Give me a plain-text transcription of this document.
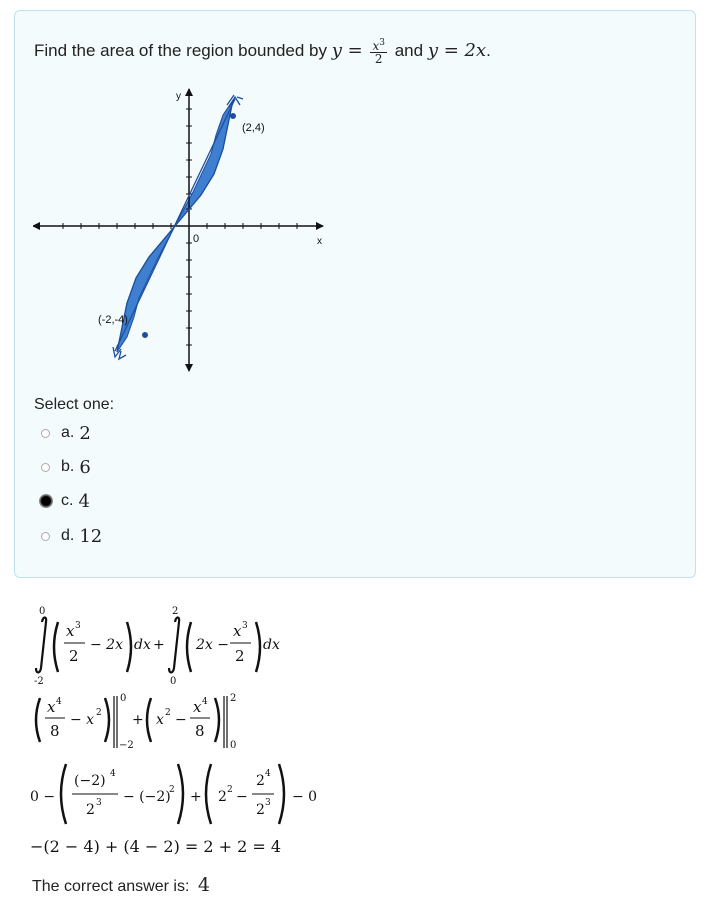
Find the area of the region bounded by $y = \frac{x^3}{2}$ and y = 2x.
y
x
0
(2,4)
(-2,-4)
Select one:
a. 2
b. 6
c. 4
d. 12
0
-2
x 3
2
− 2x dx +
2
0
2x −
x 3
2
dx
x 4
8
− x 2
0
−2
+ x 2 −
x 4
8
2
0
0 −
(−2) 4
2 3 − (−2)
2 + 2 2 −
2 4
2 3 − 0
−(2 − 4) + (4 − 2) = 2 + 2 = 4
The correct answer is: 4
